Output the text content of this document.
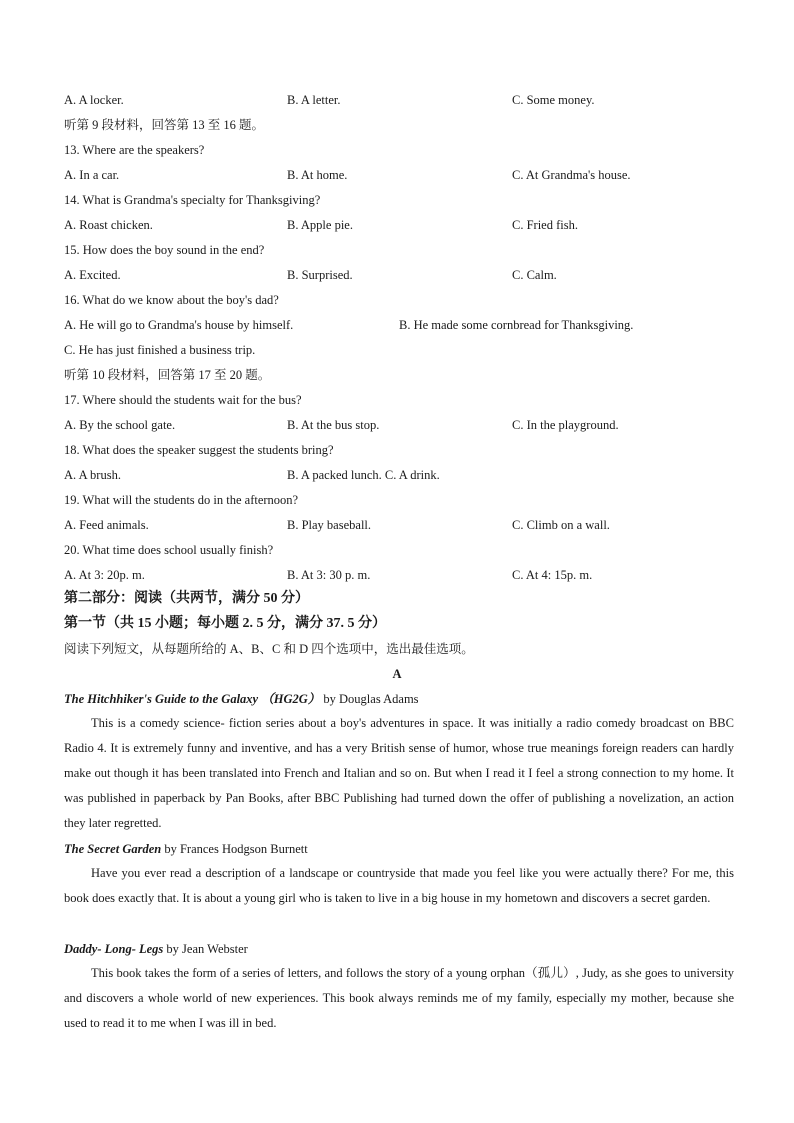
A. A locker.	B. A letter.	C. Some money.
听第 9 段材料，回答第 13 至 16 题。
13. Where are the speakers?
A. In a car.	B. At home.	C. At Grandma's house.
14. What is Grandma's specialty for Thanksgiving?
A. Roast chicken.	B. Apple pie.	C. Fried fish.
15. How does the boy sound in the end?
A. Excited.	B. Surprised.	C. Calm.
16. What do we know about the boy's dad?
A. He will go to Grandma's house by himself.	B. He made some cornbread for Thanksgiving.
C. He has just finished a business trip.
听第 10 段材料，回答第 17 至 20 题。
17. Where should the students wait for the bus?
A. By the school gate.	B. At the bus stop.	C. In the playground.
18. What does the speaker suggest the students bring?
A. A brush.	B. A packed lunch. C. A drink.
19. What will the students do in the afternoon?
A. Feed animals.	B. Play baseball.	C. Climb on a wall.
20. What time does school usually finish?
A. At 3: 20p. m.	B. At 3: 30 p. m.	C. At 4: 15p. m.
第二部分：阅读（共两节，满分 50 分）
第一节（共 15 小题；每小题 2. 5 分，满分 37. 5 分）
阅读下列短文，从每题所给的 A、B、C 和 D 四个选项中，选出最佳选项。
A
The Hitchhiker's Guide to the Galaxy （HG2G） by Douglas Adams
This is a comedy science- fiction series about a boy's adventures in space. It was initially a radio comedy broadcast on BBC Radio 4. It is extremely funny and inventive, and has a very British sense of humor, whose true meanings foreign readers can hardly make out though it has been translated into French and Italian and so on. But when I read it I feel a strong connection to my home. It was published in paperback by Pan Books, after BBC Publishing had turned down the offer of publishing a novelization, an action they later regretted.
The Secret Garden by Frances Hodgson Burnett
Have you ever read a description of a landscape or countryside that made you feel like you were actually there? For me, this book does exactly that. It is about a young girl who is taken to live in a big house in my hometown and discovers a secret garden.
Daddy- Long- Legs by Jean Webster
This book takes the form of a series of letters, and follows the story of a young orphan（孤儿）, Judy, as she goes to university and discovers a whole world of new experiences. This book always reminds me of my family, especially my mother, because she used to read it to me when I was ill in bed.
